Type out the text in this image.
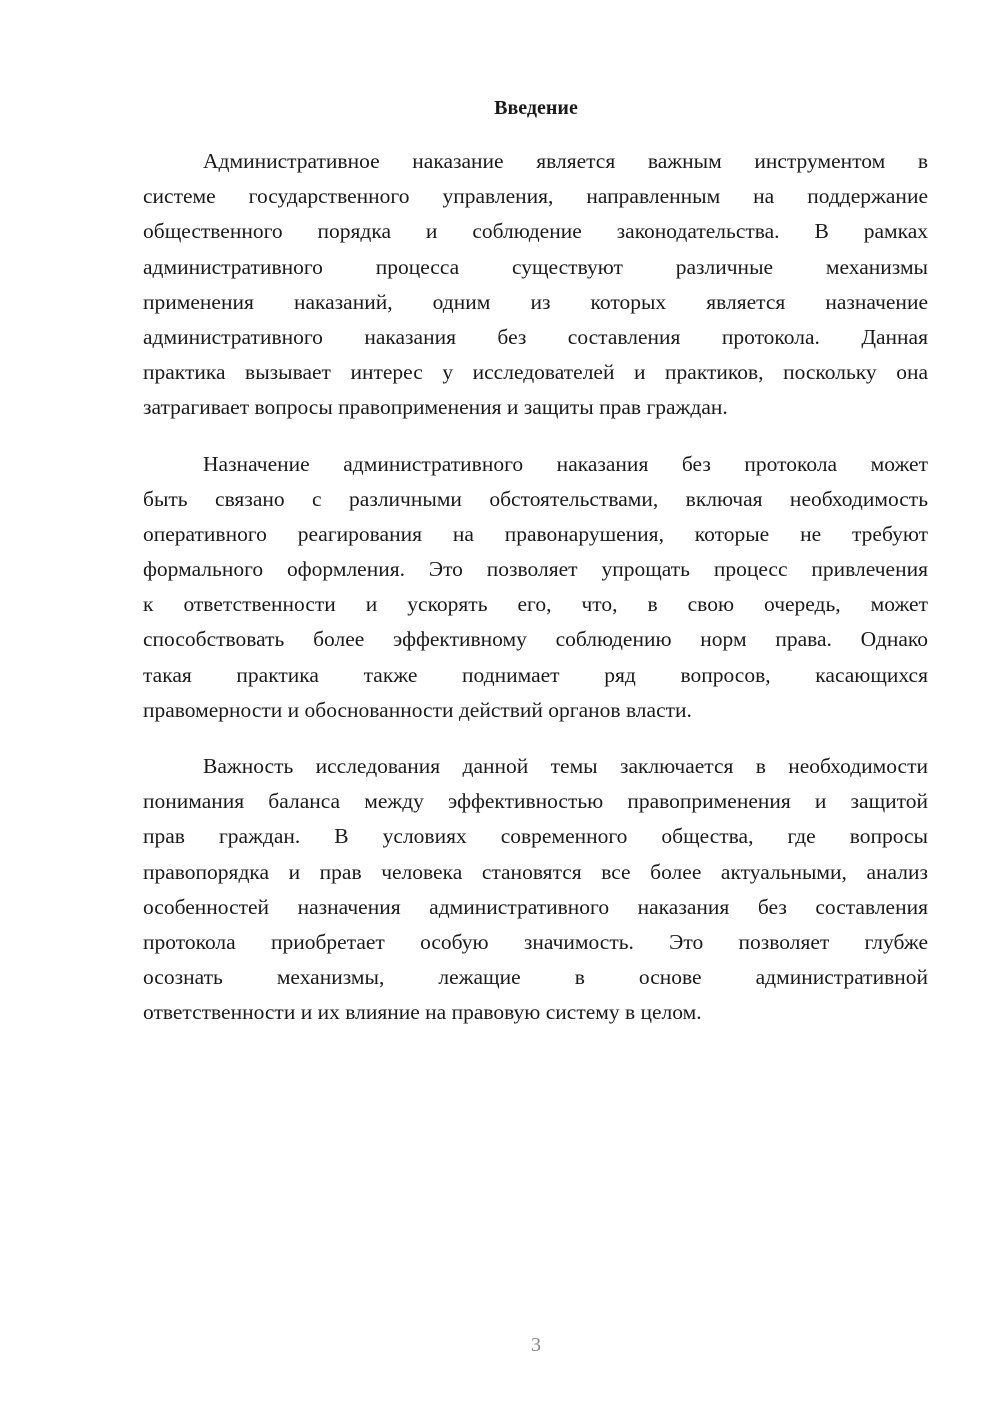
Введение
Административное наказание является важным инструментом в
системе государственного управления, направленным на поддержание
общественного порядка и соблюдение законодательства. В рамках
административного процесса существуют различные механизмы
применения наказаний, одним из которых является назначение
административного наказания без составления протокола. Данная
практика вызывает интерес у исследователей и практиков, поскольку она
затрагивает вопросы правоприменения и защиты прав граждан.
Назначение административного наказания без протокола может
быть связано с различными обстоятельствами, включая необходимость
оперативного реагирования на правонарушения, которые не требуют
формального оформления. Это позволяет упрощать процесс привлечения
к ответственности и ускорять его, что, в свою очередь, может
способствовать более эффективному соблюдению норм права. Однако
такая практика также поднимает ряд вопросов, касающихся
правомерности и обоснованности действий органов власти.
Важность исследования данной темы заключается в необходимости
понимания баланса между эффективностью правоприменения и защитой
прав граждан. В условиях современного общества, где вопросы
правопорядка и прав человека становятся все более актуальными, анализ
особенностей назначения административного наказания без составления
протокола приобретает особую значимость. Это позволяет глубже
осознать механизмы, лежащие в основе административной
ответственности и их влияние на правовую систему в целом.
3
